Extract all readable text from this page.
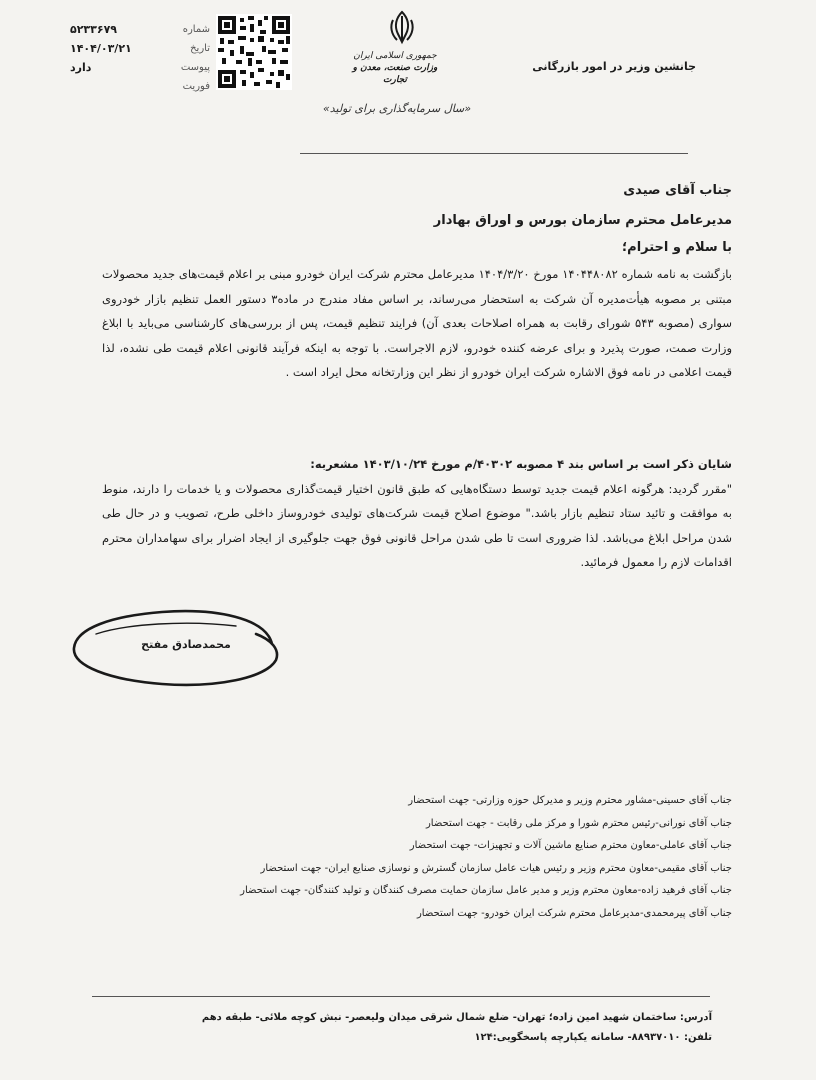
جانشین وزیر در امور بازرگانی
جمهوری اسلامی ایران
وزارت صنعت، معدن و تجارت
«سال سرمایه‌گذاری برای تولید»
شماره
۵۲۳۳۶۷۹
تاریخ
۱۴۰۴/۰۳/۲۱
پیوست
دارد
فوریت
جناب آقای صیدی
مدیرعامل محترم سازمان بورس و اوراق بهادار
با سلام و احترام؛
بازگشت به نامه شماره ۱۴۰۴۴۸۰۸۲ مورخ ۱۴۰۴/۳/۲۰ مدیرعامل محترم شرکت ایران خودرو مبنی بر اعلام قیمت‌های جدید محصولات مبتنی بر مصوبه هیأت‌مدیره آن شرکت به استحضار می‌رساند، بر اساس مفاد مندرج در ماده۳ دستور العمل تنظیم بازار خودروی سواری (مصوبه ۵۴۳ شورای رقابت به همراه اصلاحات بعدی آن) فرایند تنظیم قیمت، پس از بررسی‌های کارشناسی می‌باید با ابلاغ وزارت صمت، صورت پذیرد و برای عرضه کننده خودرو، لازم الاجراست. با توجه به اینکه فرآیند قانونی اعلام قیمت طی نشده، لذا قیمت اعلامی در نامه فوق الاشاره شرکت ایران خودرو از نظر این وزارتخانه محل ایراد است .
شایان ذکر است بر اساس بند ۴ مصوبه ۴۰۳۰۲/م مورخ ۱۴۰۳/۱۰/۲۴ مشعربه:
"مقرر گردید: هرگونه اعلام قیمت جدید توسط دستگاه‌هایی که طبق قانون اختیار قیمت‌گذاری محصولات و یا خدمات را دارند، منوط به موافقت و تائید ستاد تنظیم بازار باشد." موضوع اصلاح قیمت شرکت‌های تولیدی خودروساز داخلی طرح، تصویب و در حال طی شدن مراحل ابلاغ می‌باشد. لذا ضروری است تا طی شدن مراحل قانونی فوق جهت جلوگیری از ایجاد اضرار برای سهامداران محترم اقدامات لازم را معمول فرمائید.
محمدصادق مفتح
جناب آقای حسینی-مشاور محترم وزیر و مدیرکل حوزه وزارتی- جهت استحضار
جناب آقای نورانی-رئیس محترم شورا و مرکز ملی رقابت - جهت استحضار
جناب آقای عاملی-معاون محترم صنایع ماشین آلات و تجهیزات- جهت استحضار
جناب آقای مقیمی-معاون محترم وزیر و رئیس هیات عامل سازمان گسترش و نوسازی صنایع ایران- جهت استحضار
جناب آقای فرهید زاده-معاون محترم وزیر و مدیر عامل سازمان حمایت مصرف کنندگان و تولید کنندگان- جهت استحضار
جناب آقای پیرمحمدی-مدیرعامل محترم شرکت ایران خودرو- جهت استحضار
آدرس: ساختمان شهید امین زاده؛ تهران- ضلع شمال شرقی میدان ولیعصر- نبش کوچه ملائی- طبقه دهم
تلفن: ۸۸۹۳۷۰۱۰- سامانه یکپارچه پاسخگویی:۱۲۴
